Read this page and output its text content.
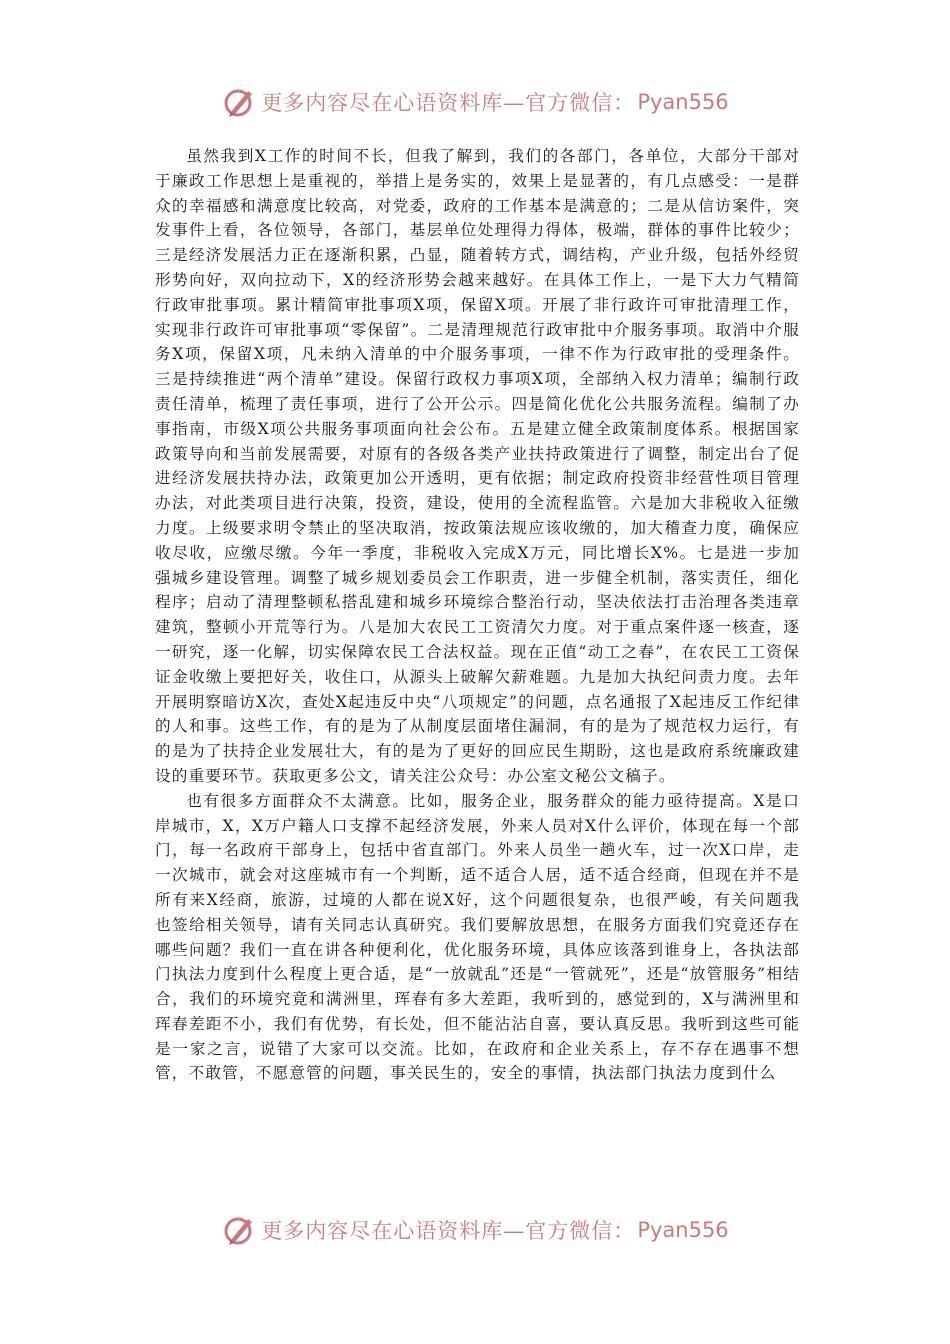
更多内容尽在心语资料库—官方微信： Pyan556

虽然我到X工作的时间不长，但我了解到，我们的各部门，各单位，大部分干部对于廉政工作思想上是重视的，举措上是务实的，效果上是显著的，有几点感受：一是群众的幸福感和满意度比较高，对党委，政府的工作基本是满意的；二是从信访案件，突发事件上看，各位领导，各部门，基层单位处理得力得体，极端，群体的事件比较少；三是经济发展活力正在逐渐积累，凸显，随着转方式，调结构，产业升级，包括外经贸形势向好，双向拉动下，X的经济形势会越来越好。在具体工作上，一是下大力气精简行政审批事项。累计精简审批事项X项，保留X项。开展了非行政许可审批清理工作，实现非行政许可审批事项“零保留”。二是清理规范行政审批中介服务事项。取消中介服务X项，保留X项，凡未纳入清单的中介服务事项，一律不作为行政审批的受理条件。三是持续推进“两个清单”建设。保留行政权力事项X项，全部纳入权力清单；编制行政责任清单，梳理了责任事项，进行了公开公示。四是简化优化公共服务流程。编制了办事指南，市级X项公共服务事项面向社会公布。五是建立健全政策制度体系。根据国家政策导向和当前发展需要，对原有的各级各类产业扶持政策进行了调整，制定出台了促进经济发展扶持办法，政策更加公开透明，更有依据；制定政府投资非经营性项目管理办法，对此类项目进行决策，投资，建设，使用的全流程监管。六是加大非税收入征缴力度。上级要求明令禁止的坚决取消，按政策法规应该收缴的，加大稽查力度，确保应收尽收，应缴尽缴。今年一季度，非税收入完成X万元，同比增长X%。七是进一步加强城乡建设管理。调整了城乡规划委员会工作职责，进一步健全机制，落实责任，细化程序；启动了清理整顿私搭乱建和城乡环境综合整治行动，坚决依法打击治理各类违章建筑，整顿小开荒等行为。八是加大农民工工资清欠力度。对于重点案件逐一核查，逐一研究，逐一化解，切实保障农民工合法权益。现在正值“动工之春”，在农民工工资保证金收缴上要把好关，收住口，从源头上破解欠薪难题。九是加大执纪问责力度。去年开展明察暗访X次，查处X起违反中央“八项规定”的问题，点名通报了X起违反工作纪律的人和事。这些工作，有的是为了从制度层面堵住漏洞，有的是为了规范权力运行，有的是为了扶持企业发展壮大，有的是为了更好的回应民生期盼，这也是政府系统廉政建设的重要环节。获取更多公文，请关注公众号：办公室文秘公文稿子。

也有很多方面群众不太满意。比如，服务企业，服务群众的能力亟待提高。X是口岸城市，X，X万户籍人口支撑不起经济发展，外来人员对X什么评价，体现在每一个部门，每一名政府干部身上，包括中省直部门。外来人员坐一趟火车，过一次X口岸，走一次城市，就会对这座城市有一个判断，适不适合人居，适不适合经商，但现在并不是所有来X经商，旅游，过境的人都在说X好，这个问题很复杂，也很严峻，有关问题我也签给相关领导，请有关同志认真研究。我们要解放思想，在服务方面我们究竟还存在哪些问题？我们一直在讲各种便利化，优化服务环境，具体应该落到谁身上，各执法部门执法力度到什么程度上更合适，是“一放就乱”还是“一管就死”，还是“放管服务”相结合，我们的环境究竟和满洲里，珲春有多大差距，我听到的，感觉到的，X与满洲里和珲春差距不小，我们有优势，有长处，但不能沾沾自喜，要认真反思。我听到这些可能是一家之言，说错了大家可以交流。比如，在政府和企业关系上，存不存在遇事不想管，不敢管，不愿意管的问题，事关民生的，安全的事情，执法部门执法力度到什么

更多内容尽在心语资料库—官方微信： Pyan556
